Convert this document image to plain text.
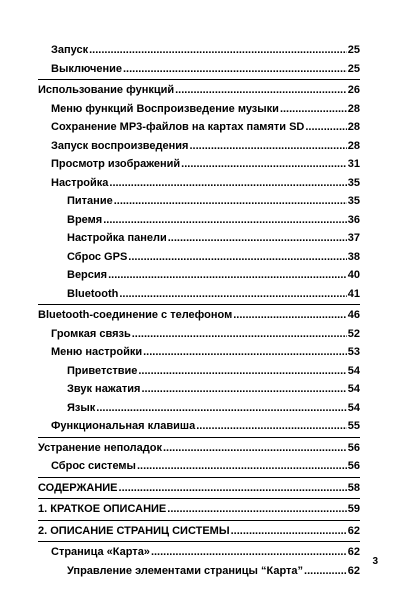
Запуск .....	25
Выключение .....	25
Использование функций .....	26
Меню функций Воспроизведение музыки .....	28
Сохранение MP3-файлов на картах памяти SD .....	28
Запуск воспроизведения .....	28
Просмотр изображений .....	31
Настройка .....	35
Питание .....	35
Время .....	36
Настройка панели .....	37
Сброс GPS .....	38
Версия .....	40
Bluetooth .....	41
Bluetooth-соединение с телефоном .....	46
Громкая связь .....	52
Меню настройки .....	53
Приветствие .....	54
Звук нажатия .....	54
Язык .....	54
Функциональная клавиша .....	55
Устранение неполадок .....	56
Сброс системы .....	56
СОДЕРЖАНИЕ .....	58
1. КРАТКОЕ ОПИСАНИЕ .....	59
2. ОПИСАНИЕ СТРАНИЦ СИСТЕМЫ .....	62
Страница «Карта» .....	62
Управление элементами страницы “Карта” .....	62
3
